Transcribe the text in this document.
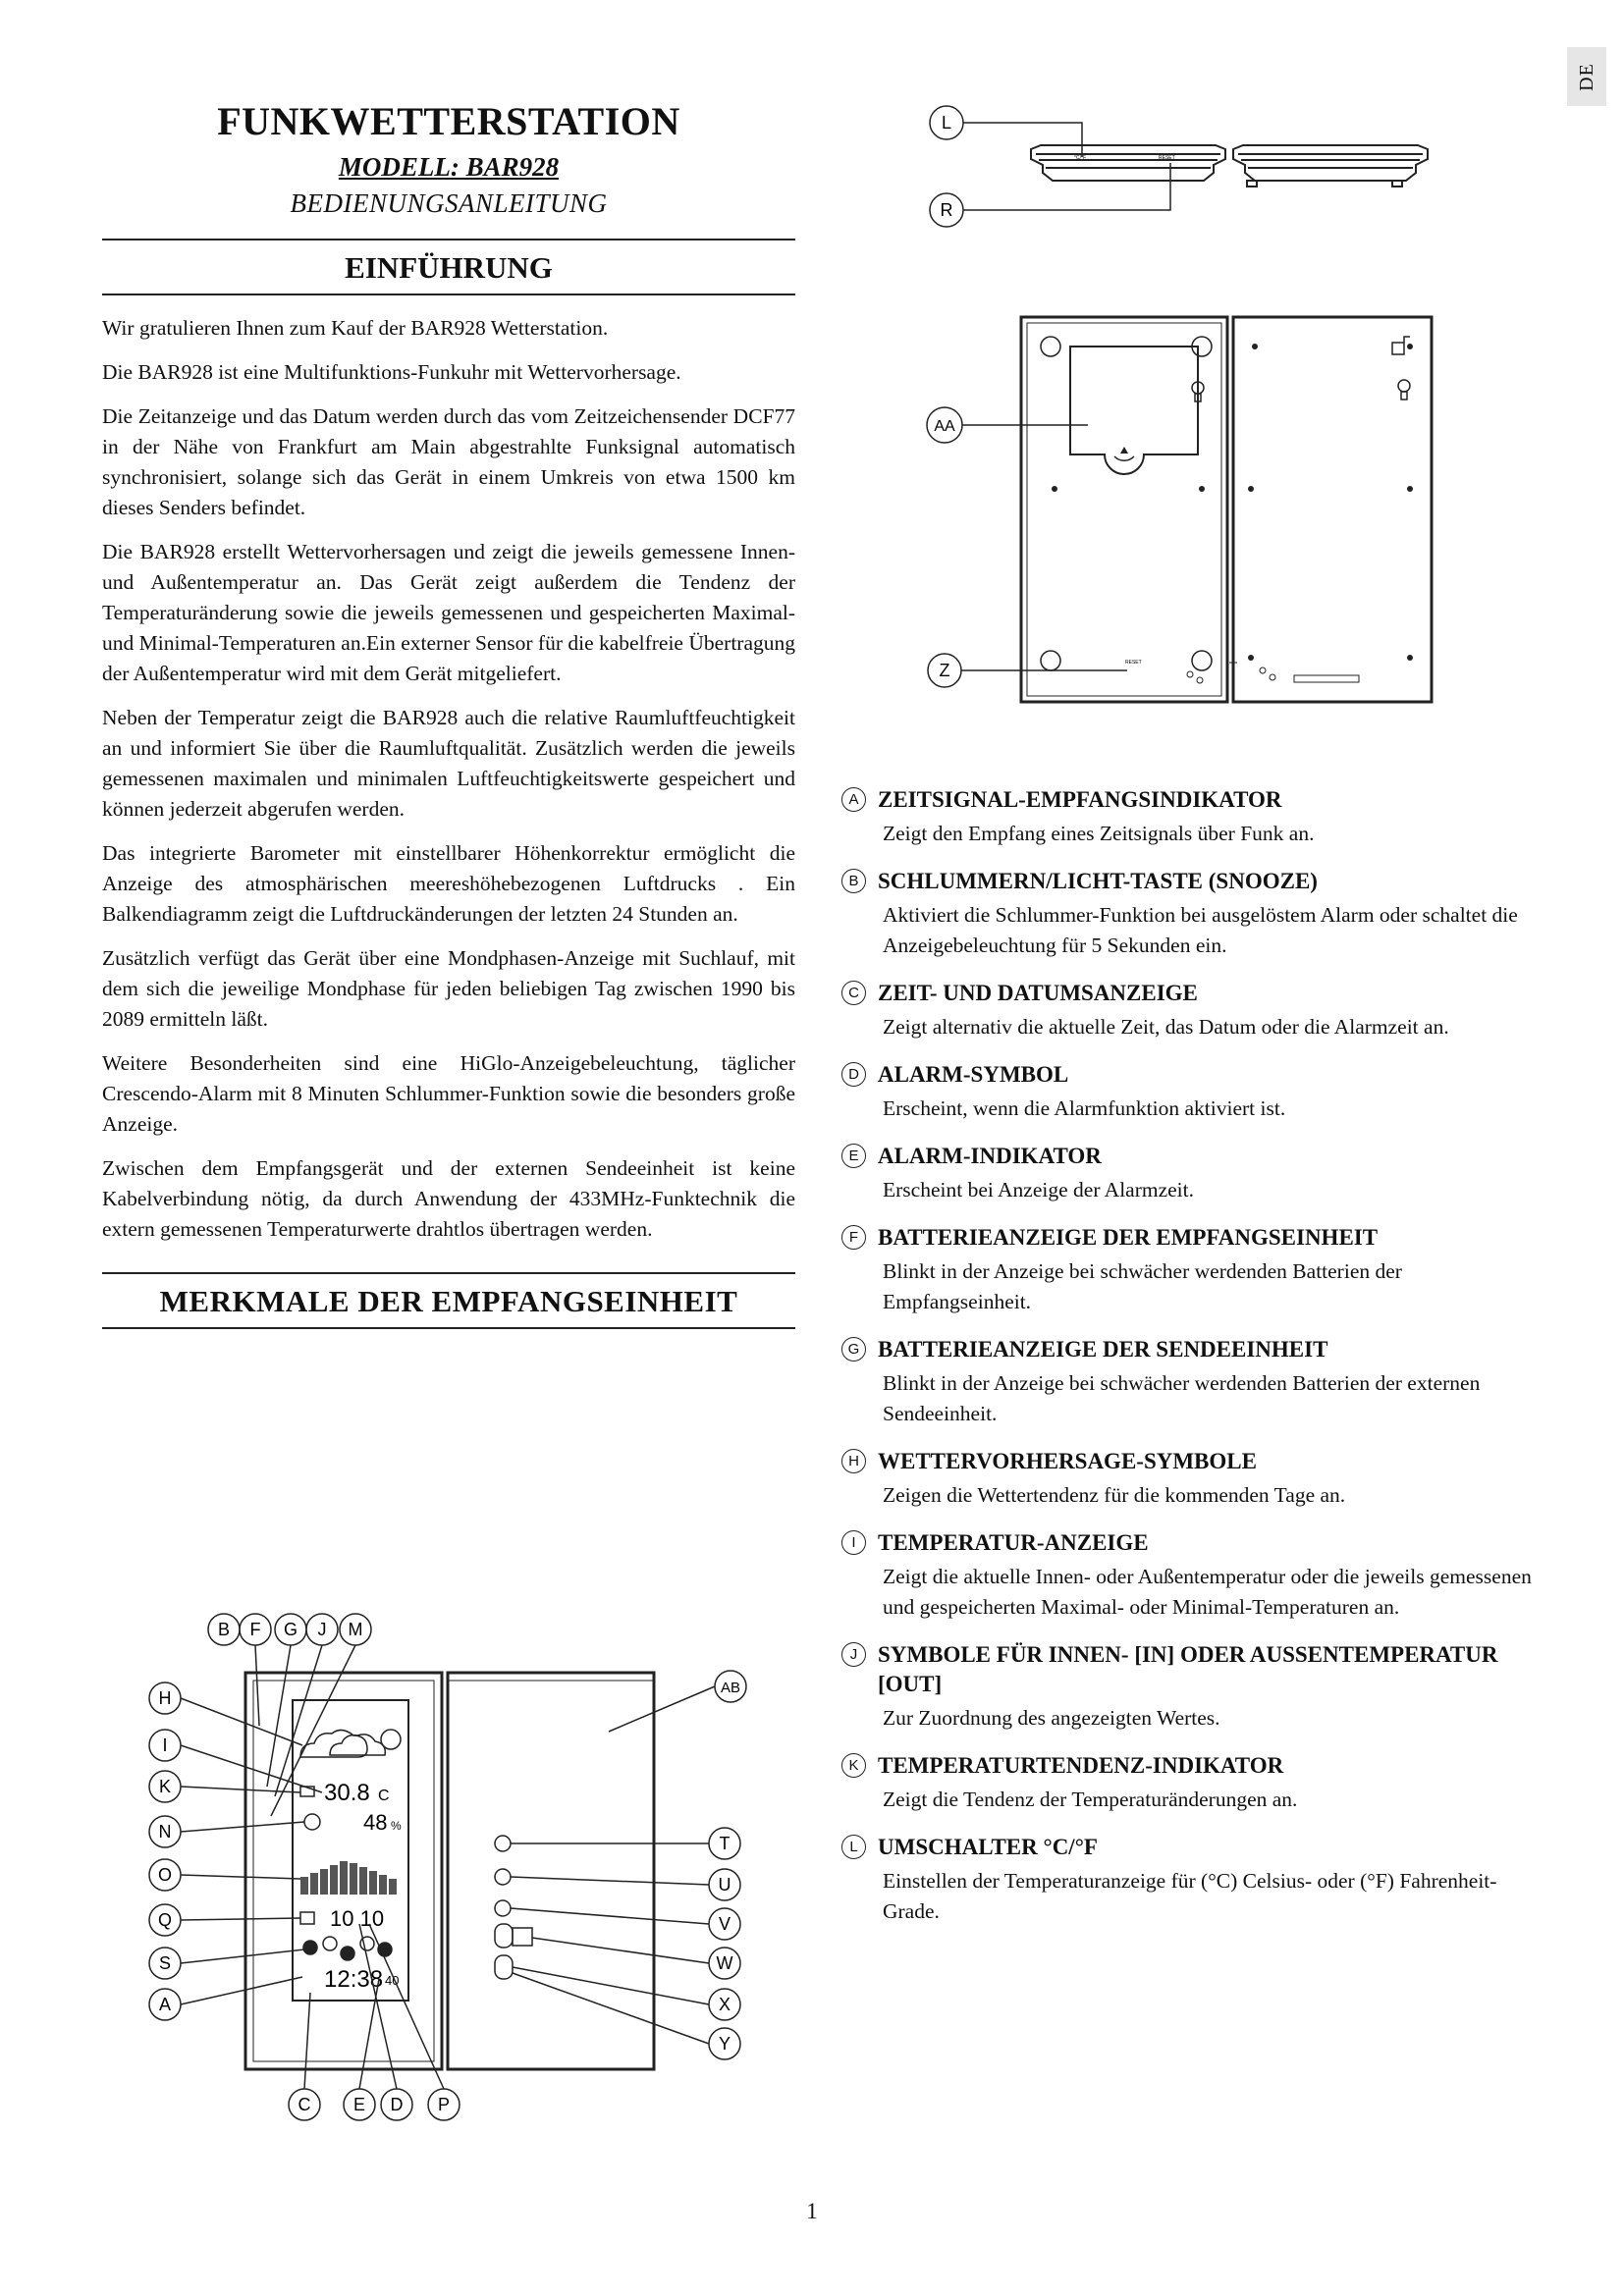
DE
FUNKWETTERSTATION
MODELL: BAR928
BEDIENUNGSANLEITUNG
EINFÜHRUNG

Wir gratulieren Ihnen zum Kauf der BAR928 Wetterstation.

Die BAR928 ist eine Multifunktions-Funkuhr mit Wettervorhersage.

Die Zeitanzeige und das Datum werden durch das vom Zeitzeichensender DCF77 in der Nähe von Frankfurt am Main abgestrahlte Funksignal automatisch synchronisiert, solange sich das Gerät in einem Umkreis von etwa 1500 km dieses Senders befindet.

Die BAR928 erstellt Wettervorhersagen und zeigt die jeweils gemessene Innen- und Außentemperatur an. Das Gerät zeigt außerdem die Tendenz der Temperaturänderung sowie die jeweils gemessenen und gespeicherten Maximal- und Minimal-Temperaturen an.Ein externer Sensor für die kabelfreie Übertragung der Außentemperatur wird mit dem Gerät mitgeliefert.

Neben der Temperatur zeigt die BAR928 auch die relative Raumluftfeuchtigkeit an und informiert Sie über die Raumluftqualität. Zusätzlich werden die jeweils gemessenen maximalen und minimalen Luftfeuchtigkeitswerte gespeichert und können jederzeit abgerufen werden.

Das integrierte Barometer mit einstellbarer Höhenkorrektur ermöglicht die Anzeige des atmosphärischen meereshöhebezogenen Luftdrucks . Ein Balkendiagramm zeigt die Luftdruckänderungen der letzten 24 Stunden an.

Zusätzlich verfügt das Gerät über eine Mondphasen-Anzeige mit Suchlauf, mit dem sich die jeweilige Mondphase für jeden beliebigen Tag zwischen 1990 bis 2089 ermitteln läßt.

Weitere Besonderheiten sind eine HiGlo-Anzeigebeleuchtung, täglicher Crescendo-Alarm mit 8 Minuten Schlummer-Funktion sowie die besonders große Anzeige.

Zwischen dem Empfangsgerät und der externen Sendeeinheit ist keine Kabelverbindung nötig, da durch Anwendung der 433MHz-Funktechnik die extern gemessenen Temperaturwerte drahtlos übertragen werden.

MERKMALE DER EMPFANGSEINHEIT
L
R
°C/°F	RESET
AA
Z	RESET
30.8 C
48 %
10 10
12:38 40
B F G J M
H
I
K
N
O
Q
S
A
AB
T
U
V
W
X
Y
C E D P
A ZEITSIGNAL-EMPFANGSINDIKATOR
Zeigt den Empfang eines Zeitsignals über Funk an.
B SCHLUMMERN/LICHT-TASTE (SNOOZE)
Aktiviert die Schlummer-Funktion bei ausgelöstem Alarm oder schaltet die Anzeigebeleuchtung für 5 Sekunden ein.
C ZEIT- UND DATUMSANZEIGE
Zeigt alternativ die aktuelle Zeit, das Datum oder die Alarmzeit an.
D ALARM-SYMBOL
Erscheint, wenn die Alarmfunktion aktiviert ist.
E ALARM-INDIKATOR
Erscheint bei Anzeige der Alarmzeit.
F BATTERIEANZEIGE DER EMPFANGSEINHEIT
Blinkt in der Anzeige bei schwächer werdenden Batterien der Empfangseinheit.
G BATTERIEANZEIGE DER SENDEEINHEIT
Blinkt in der Anzeige bei schwächer werdenden Batterien der externen Sendeeinheit.
H WETTERVORHERSAGE-SYMBOLE
Zeigen die Wettertendenz für die kommenden Tage an.
I TEMPERATUR-ANZEIGE
Zeigt die aktuelle Innen- oder Außentemperatur oder die jeweils gemessenen und gespeicherten Maximal- oder Minimal-Temperaturen an.
J SYMBOLE FÜR INNEN- [IN] ODER AUSSENTEMPERATUR [OUT]
Zur Zuordnung des angezeigten Wertes.
K TEMPERATURTENDENZ-INDIKATOR
Zeigt die Tendenz der Temperaturänderungen an.
L UMSCHALTER °C/°F
Einstellen der Temperaturanzeige für (°C) Celsius- oder (°F) Fahrenheit-Grade.
1
